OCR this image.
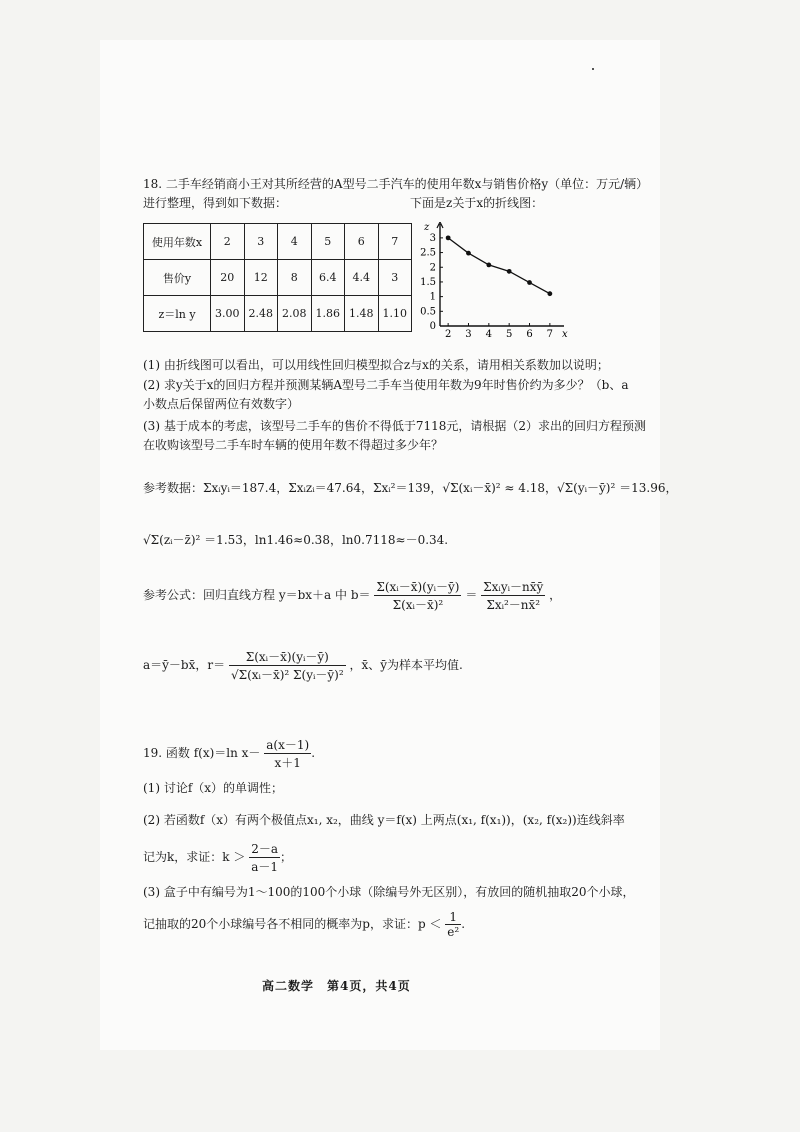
18. 二手车经销商小王对其所经营的A型号二手汽车的使用年数x与销售价格y（单位：万元/辆）
进行整理，得到如下数据：	下面是z关于x的折线图：
使用年数x	2	3	4	5	6	7
售价y	20	12	8	6.4	4.4	3
z＝ln y	3.00	2.48	2.08	1.86	1.48	1.10
0
0.5
1
1.5
2
2.5
3
2 3 4 5 6 7 x
z
(1) 由折线图可以看出，可以用线性回归模型拟合z与x的关系，请用相关系数加以说明；
(2) 求y关于x的回归方程并预测某辆A型号二手车当使用年数为9年时售价约为多少？（b、a
小数点后保留两位有效数字）
(3) 基于成本的考虑，该型号二手车的售价不得低于7118元，请根据（2）求出的回归方程预测
在收购该型号二手车时车辆的使用年数不得超过多少年？
参考数据：Σxᵢyᵢ＝187.4，Σxᵢzᵢ＝47.64，Σxᵢ²＝139，√Σ(xᵢ－x̄)² ≈ 4.18，√Σ(yᵢ－ȳ)² ＝13.96，
√Σ(zᵢ－z̄)² ＝1.53，ln1.46≈0.38，ln0.7118≈－0.34.
参考公式：回归直线方程 y＝bx＋a 中 $b= \frac{\text{Σ(xᵢ－x̄)(yᵢ－ȳ)}}{\text{Σ(xᵢ－x̄)²}} = \frac{\text{Σxᵢyᵢ－nx̄ȳ}}{\text{Σxᵢ²－nx̄²}}$ ，
a＝ȳ－bx̄，$r= \frac{\text{Σ(xᵢ－x̄)(yᵢ－ȳ)}}{\text{√Σ(xᵢ－x̄)² Σ(yᵢ－ȳ)²}}$ ，x̄、ȳ为样本平均值.
19. 函数 f(x)＝ln $x- \frac{a(x-1)}{x+1}$ .
(1) 讨论f（x）的单调性；
(2) 若函数f（x）有两个极值点x₁, x₂，曲线 y＝f(x) 上两点(x₁, f(x₁))，(x₂, f(x₂))连线斜率
记为k，求证：$k > \frac{2-a}{a-1}$ ；
(3) 盒子中有编号为1～100的100个小球（除编号外无区别），有放回的随机抽取20个小球，
记抽取的20个小球编号各不相同的概率为p，求证：$p < \frac{1}{\text{e²}}$ .
高二数学　第4页，共4页
